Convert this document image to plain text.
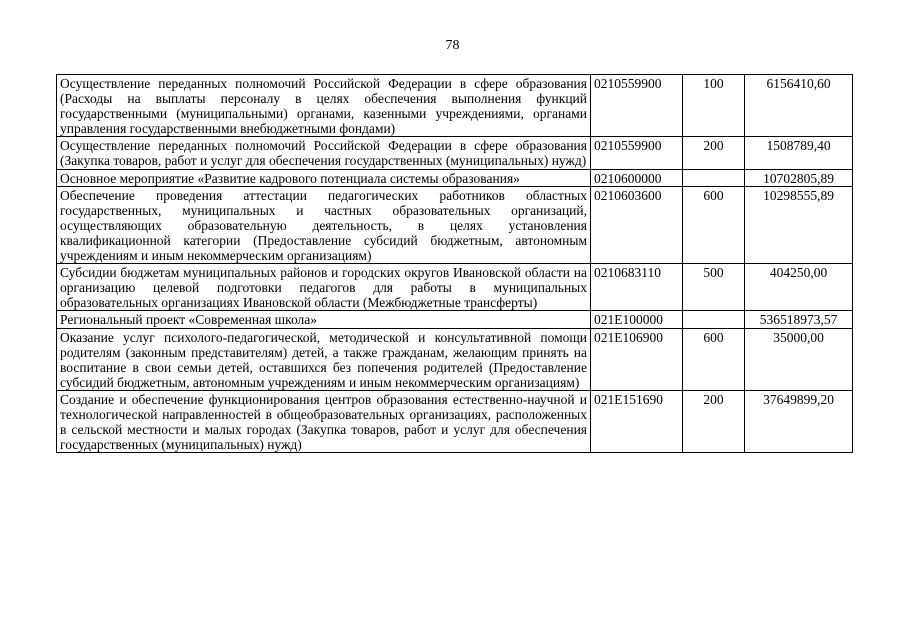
78
Осуществление переданных полномочий Российской Федерации в сфере образования (Расходы на выплаты персоналу в целях обеспечения выполнения функций государственными (муниципальными) органами, казенными учреждениями, органами управления государственными внебюджетными фондами)	0210559900	100	6156410,60
Осуществление переданных полномочий Российской Федерации в сфере образования (Закупка товаров, работ и услуг для обеспечения государственных (муниципальных) нужд)	0210559900	200	1508789,40
Основное мероприятие «Развитие кадрового потенциала системы образования»	0210600000		10702805,89
Обеспечение проведения аттестации педагогических работников областных государственных, муниципальных и частных образовательных организаций, осуществляющих образовательную деятельность, в целях установления квалификационной категории (Предоставление субсидий бюджетным, автономным учреждениям и иным некоммерческим организациям)	0210603600	600	10298555,89
Субсидии бюджетам муниципальных районов и городских округов Ивановской области на организацию целевой подготовки педагогов для работы в муниципальных образовательных организациях Ивановской области (Межбюджетные трансферты)	0210683110	500	404250,00
Региональный проект «Современная школа»	021E100000		536518973,57
Оказание услуг психолого-педагогической, методической и консультативной помощи родителям (законным представителям) детей, а также гражданам, желающим принять на воспитание в свои семьи детей, оставшихся без попечения родителей (Предоставление субсидий бюджетным, автономным учреждениям и иным некоммерческим организациям)	021E106900	600	35000,00
Создание и обеспечение функционирования центров образования естественно-научной и технологической направленностей в общеобразовательных организациях, расположенных в сельской местности и малых городах (Закупка товаров, работ и услуг для обеспечения государственных (муниципальных) нужд)	021E151690	200	37649899,20
